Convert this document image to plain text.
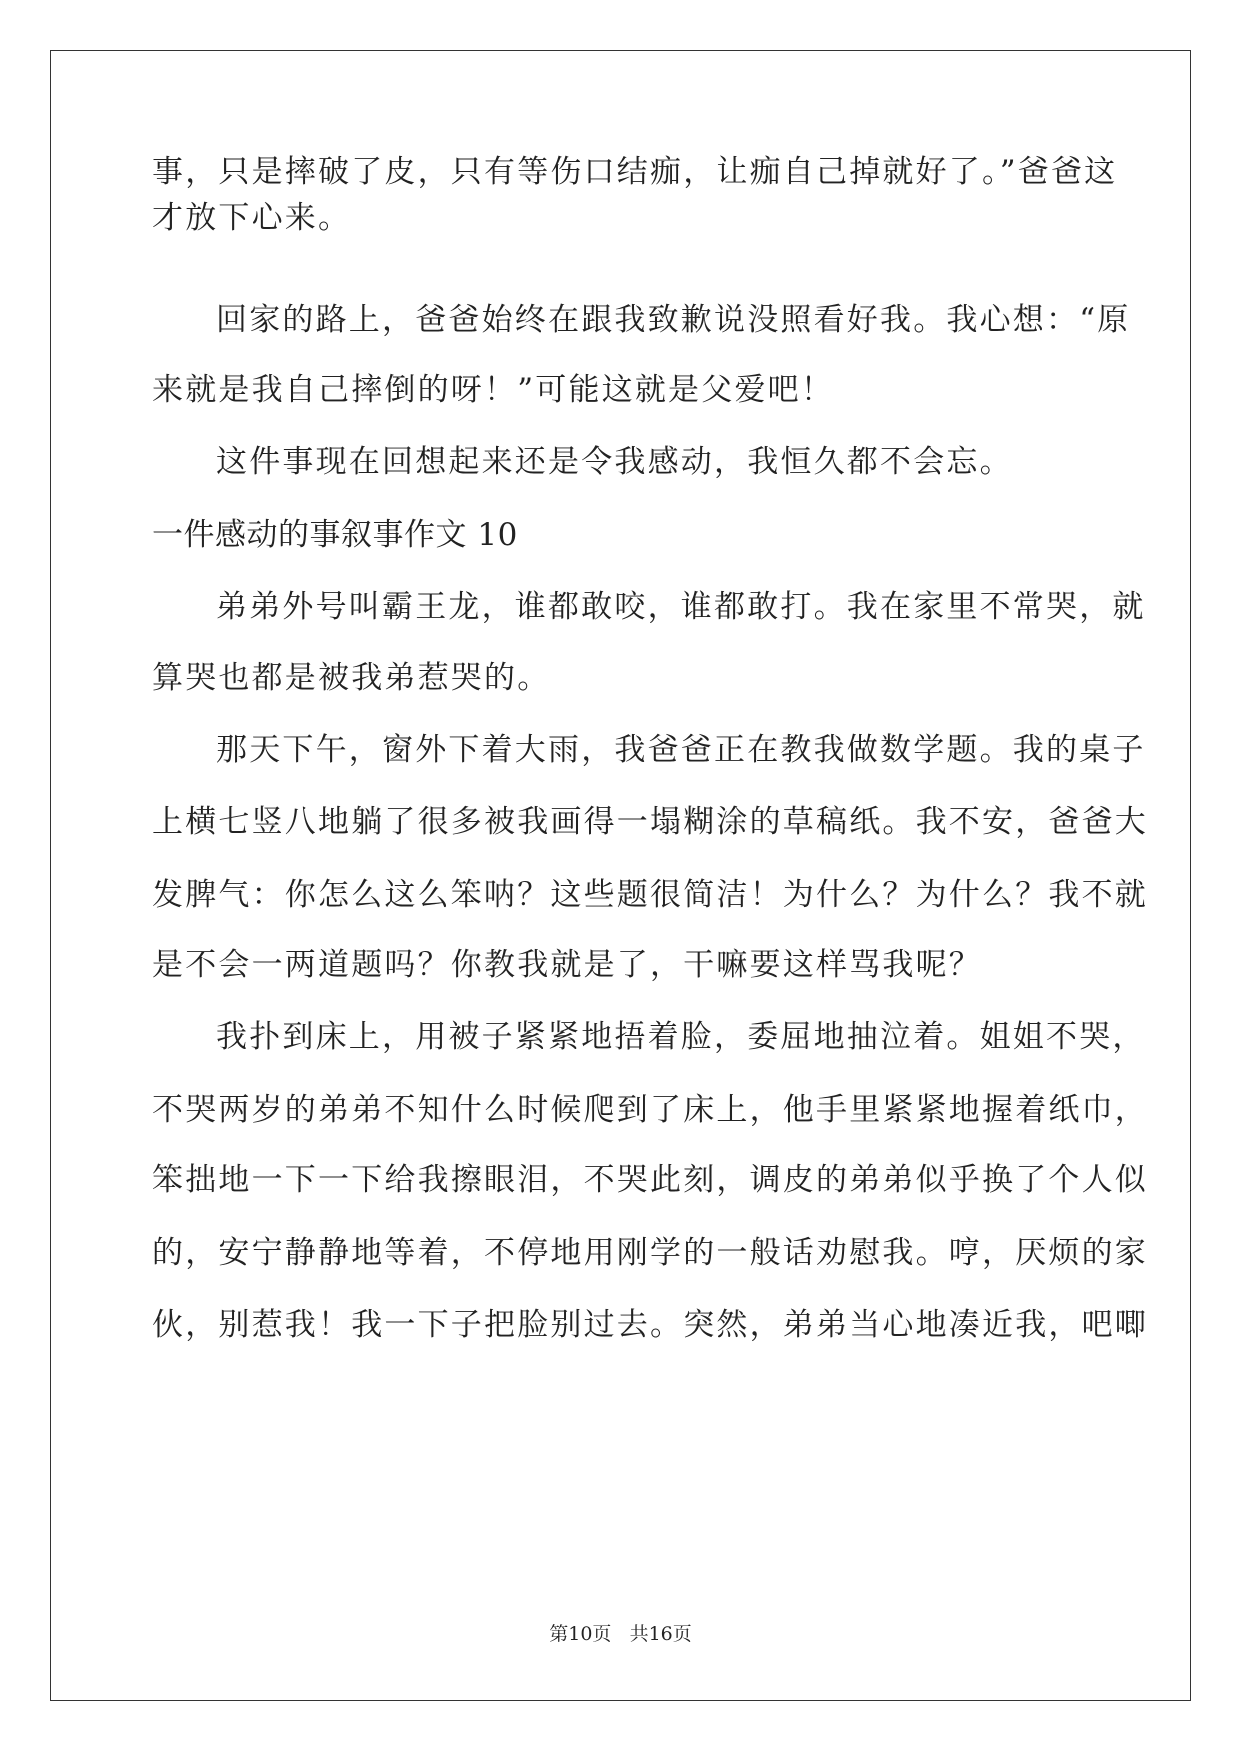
事，只是摔破了皮，只有等伤口结痂，让痂自己掉就好了。”爸爸这
才放下心来。
回家的路上，爸爸始终在跟我致歉说没照看好我。我心想：“原
来就是我自己摔倒的呀！”可能这就是父爱吧！
这件事现在回想起来还是令我感动，我恒久都不会忘。
一件感动的事叙事作文 10
弟弟外号叫霸王龙，谁都敢咬，谁都敢打。我在家里不常哭，就
算哭也都是被我弟惹哭的。
那天下午，窗外下着大雨，我爸爸正在教我做数学题。我的桌子
上横七竖八地躺了很多被我画得一塌糊涂的草稿纸。我不安，爸爸大
发脾气：你怎么这么笨呐？这些题很简洁！为什么？为什么？我不就
是不会一两道题吗？你教我就是了，干嘛要这样骂我呢？
我扑到床上，用被子紧紧地捂着脸，委屈地抽泣着。姐姐不哭，
不哭两岁的弟弟不知什么时候爬到了床上，他手里紧紧地握着纸巾，
笨拙地一下一下给我擦眼泪，不哭此刻，调皮的弟弟似乎换了个人似
的，安宁静静地等着，不停地用刚学的一般话劝慰我。哼，厌烦的家
伙，别惹我！我一下子把脸别过去。突然，弟弟当心地凑近我，吧唧
第10页 共16页
